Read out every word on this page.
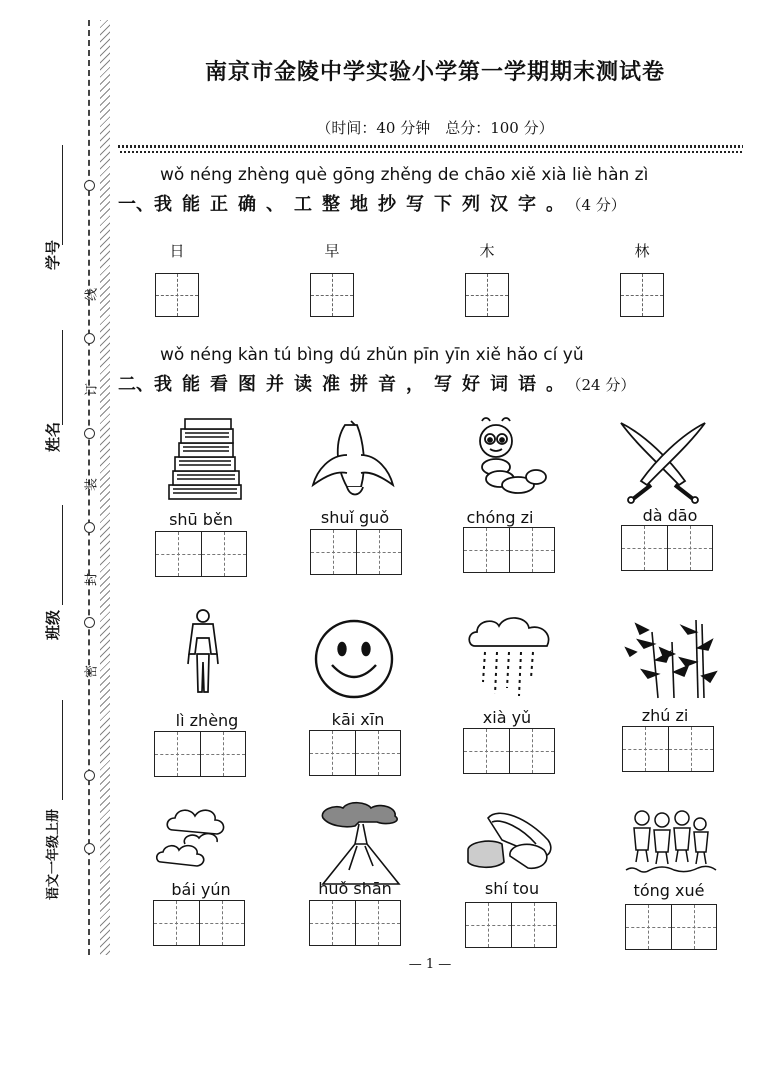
线
订
装
封
密
学号
姓名
班级
语文一年级上册
南京市金陵中学实验小学第一学期期末测试卷
（时间：40 分钟　总分：100 分）
wǒ néng zhèng què gōng zhěng de chāo xiě xià liè hàn zì
一、我能正确、工整地抄写下列汉字。（4 分）
日	早	木	林
wǒ néng kàn tú bìng dú zhǔn pīn yīn xiě hǎo cí yǔ
二、我能看图并读准拼音，写好词语。（24 分）
shū běn	shuǐ guǒ	chóng zi	dà dāo
lì zhèng	kāi xīn	xià yǔ	zhú zi
bái yún	huǒ shān	shí tou	tóng xué
— 1 —
